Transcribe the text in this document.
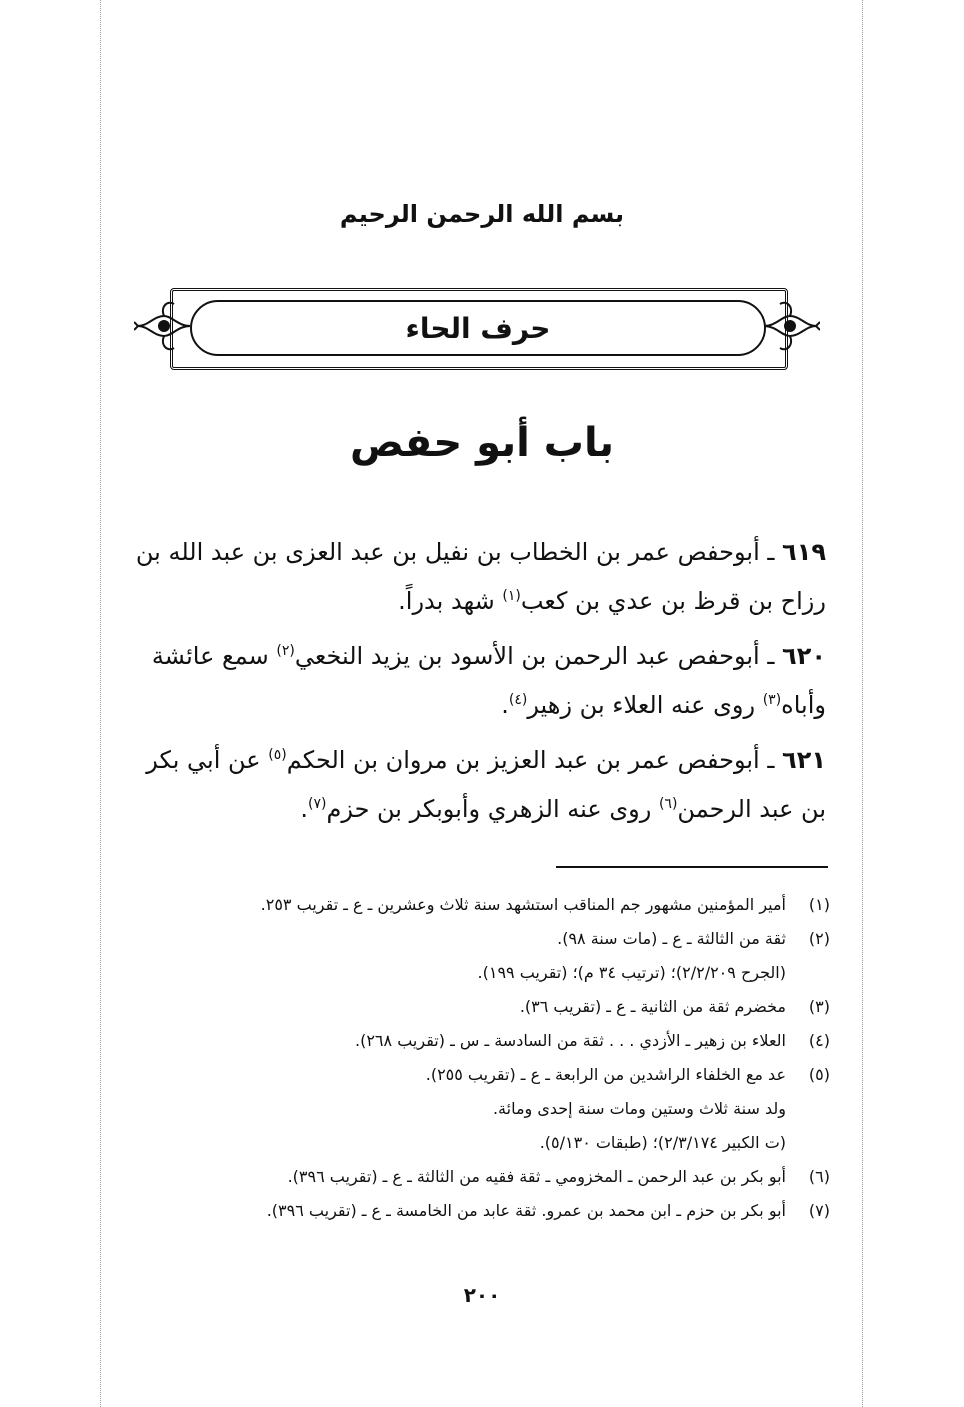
بسم الله الرحمن الرحيم
حرف الحاء
باب أبو حفص
٦١٩ ـ أبوحفص عمر بن الخطاب بن نفيل بن عبد العزى بن عبد الله بن رزاح بن قرظ بن عدي بن كعب$^{(١)}$ شهد بدراً.
٦٢٠ ـ أبوحفص عبد الرحمن بن الأسود بن يزيد النخعي$^{(٢)}$ سمع عائشة وأباه$^{(٣)}$ روى عنه العلاء بن زهير$^{(٤)}$.
٦٢١ ـ أبوحفص عمر بن عبد العزيز بن مروان بن الحكم$^{(٥)}$ عن أبي بكر بن عبد الرحمن$^{(٦)}$ روى عنه الزهري وأبوبكر بن حزم$^{(٧)}$.
(١)
أمير المؤمنين مشهور جم المناقب استشهد سنة ثلاث وعشرين ـ ع ـ تقريب ٢٥٣.
(٢)
ثقة من الثالثة ـ ع ـ (مات سنة ٩٨).
(الجرح ٢/٢/٢٠٩)؛ (ترتيب ٣٤ م)؛ (تقريب ١٩٩).
(٣)
مخضرم ثقة من الثانية ـ ع ـ (تقريب ٣٦).
(٤)
العلاء بن زهير ـ الأزدي . . . ثقة من السادسة ـ س ـ (تقريب ٢٦٨).
(٥)
عد مع الخلفاء الراشدين من الرابعة ـ ع ـ (تقريب ٢٥٥).
ولد سنة ثلاث وستين ومات سنة إحدى ومائة.
(ت الكبير ٢/٣/١٧٤)؛ (طبقات ٥/١٣٠).
(٦)
أبو بكر بن عبد الرحمن ـ المخزومي ـ ثقة فقيه من الثالثة ـ ع ـ (تقريب ٣٩٦).
(٧)
أبو بكر بن حزم ـ ابن محمد بن عمرو. ثقة عابد من الخامسة ـ ع ـ (تقريب ٣٩٦).
٢٠٠
